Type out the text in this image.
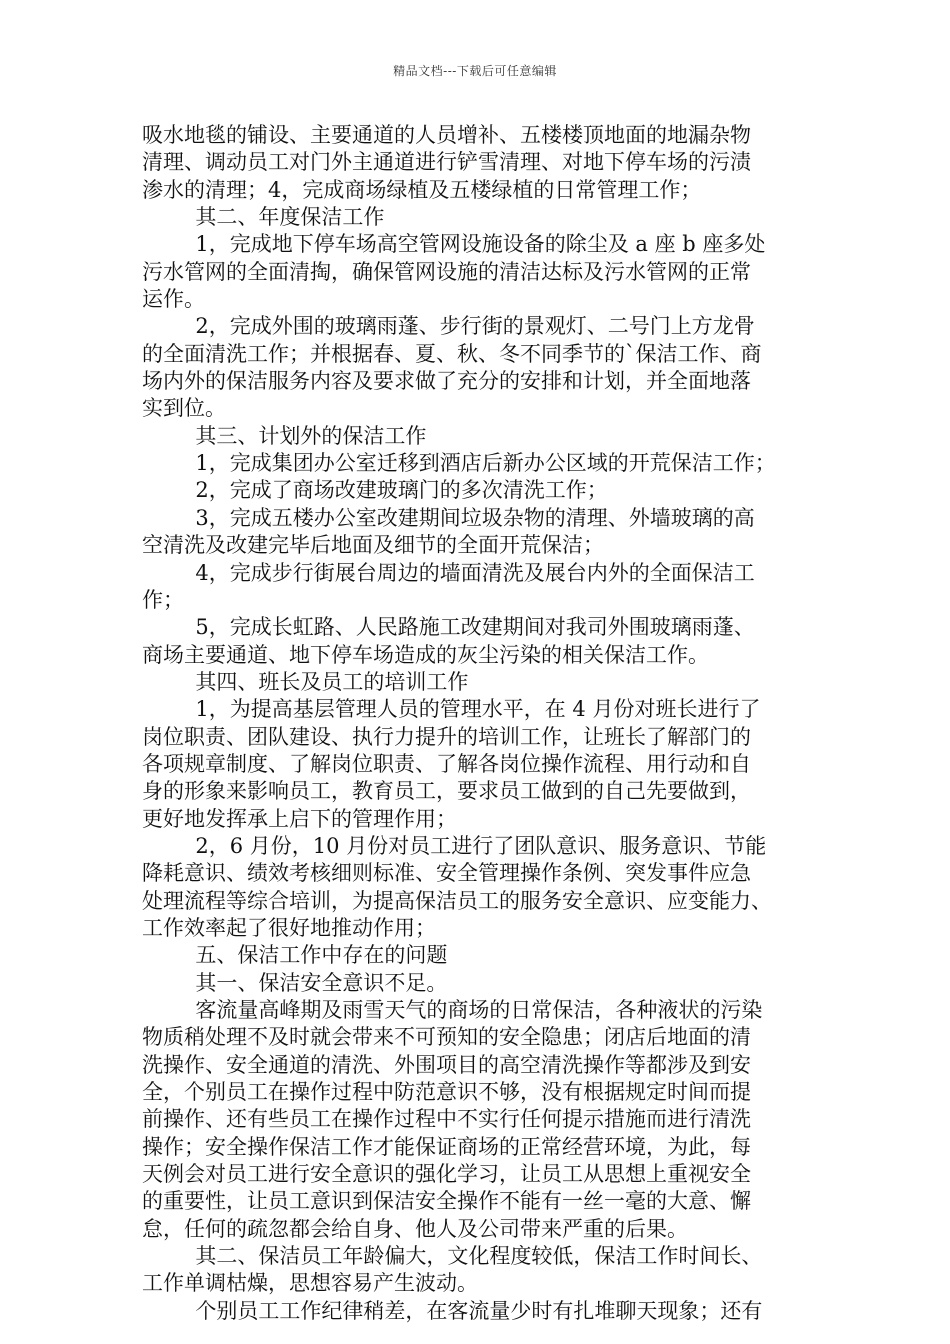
精品文档---下载后可任意编辑
吸水地毯的铺设、主要通道的人员增补、五楼楼顶地面的地漏杂物
清理、调动员工对门外主通道进行铲雪清理、对地下停车场的污渍
渗水的清理；4，完成商场绿植及五楼绿植的日常管理工作；
其二、年度保洁工作
1，完成地下停车场高空管网设施设备的除尘及 a 座 b 座多处
污水管网的全面清掏，确保管网设施的清洁达标及污水管网的正常
运作。
2，完成外围的玻璃雨蓬、步行街的景观灯、二号门上方龙骨
的全面清洗工作；并根据春、夏、秋、冬不同季节的`保洁工作、商
场内外的保洁服务内容及要求做了充分的安排和计划，并全面地落
实到位。
其三、计划外的保洁工作
1，完成集团办公室迁移到酒店后新办公区域的开荒保洁工作；
2，完成了商场改建玻璃门的多次清洗工作；
3，完成五楼办公室改建期间垃圾杂物的清理、外墙玻璃的高
空清洗及改建完毕后地面及细节的全面开荒保洁；
4，完成步行街展台周边的墙面清洗及展台内外的全面保洁工
作；
5，完成长虹路、人民路施工改建期间对我司外围玻璃雨蓬、
商场主要通道、地下停车场造成的灰尘污染的相关保洁工作。
其四、班长及员工的培训工作
1，为提高基层管理人员的管理水平，在 4 月份对班长进行了
岗位职责、团队建设、执行力提升的培训工作，让班长了解部门的
各项规章制度、了解岗位职责、了解各岗位操作流程、用行动和自
身的形象来影响员工，教育员工，要求员工做到的自己先要做到，
更好地发挥承上启下的管理作用；
2，6 月份，10 月份对员工进行了团队意识、服务意识、节能
降耗意识、绩效考核细则标准、安全管理操作条例、突发事件应急
处理流程等综合培训，为提高保洁员工的服务安全意识、应变能力、
工作效率起了很好地推动作用；
五、保洁工作中存在的问题
其一、保洁安全意识不足。
客流量高峰期及雨雪天气的商场的日常保洁，各种液状的污染
物质稍处理不及时就会带来不可预知的安全隐患；闭店后地面的清
洗操作、安全通道的清洗、外围项目的高空清洗操作等都涉及到安
全，个别员工在操作过程中防范意识不够，没有根据规定时间而提
前操作、还有些员工在操作过程中不实行任何提示措施而进行清洗
操作；安全操作保洁工作才能保证商场的正常经营环境，为此，每
天例会对员工进行安全意识的强化学习，让员工从思想上重视安全
的重要性，让员工意识到保洁安全操作不能有一丝一毫的大意、懈
怠，任何的疏忽都会给自身、他人及公司带来严重的后果。
其二、保洁员工年龄偏大，文化程度较低，保洁工作时间长、
工作单调枯燥，思想容易产生波动。
个别员工工作纪律稍差，在客流量少时有扎堆聊天现象；还有
